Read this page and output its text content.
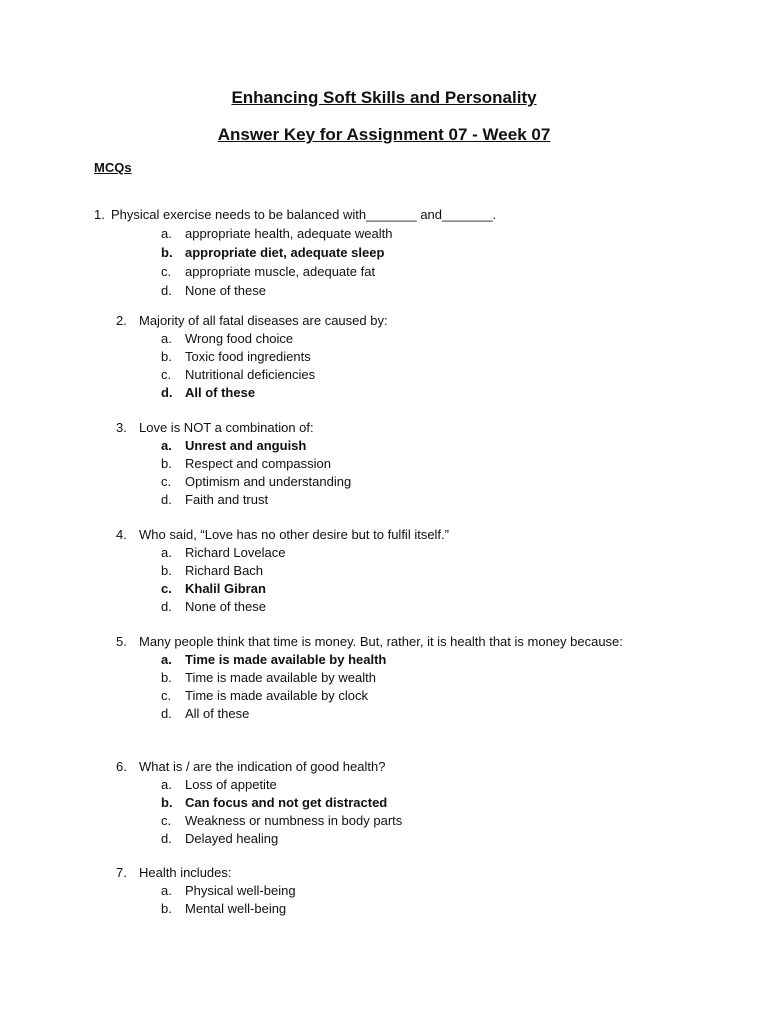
Enhancing Soft Skills and Personality
Answer Key for Assignment 07 - Week 07
MCQs
1. Physical exercise needs to be balanced with_______ and_______.
a. appropriate health, adequate wealth
b. appropriate diet, adequate sleep
c. appropriate muscle, adequate fat
d. None of these
2. Majority of all fatal diseases are caused by:
a. Wrong food choice
b. Toxic food ingredients
c. Nutritional deficiencies
d. All of these
3. Love is NOT a combination of:
a. Unrest and anguish
b. Respect and compassion
c. Optimism and understanding
d. Faith and trust
4. Who said, “Love has no other desire but to fulfil itself.”
a. Richard Lovelace
b. Richard Bach
c. Khalil Gibran
d. None of these
5. Many people think that time is money. But, rather, it is health that is money because:
a. Time is made available by health
b. Time is made available by wealth
c. Time is made available by clock
d. All of these
6. What is / are the indication of good health?
a. Loss of appetite
b. Can focus and not get distracted
c. Weakness or numbness in body parts
d. Delayed healing
7. Health includes:
a. Physical well-being
b. Mental well-being
